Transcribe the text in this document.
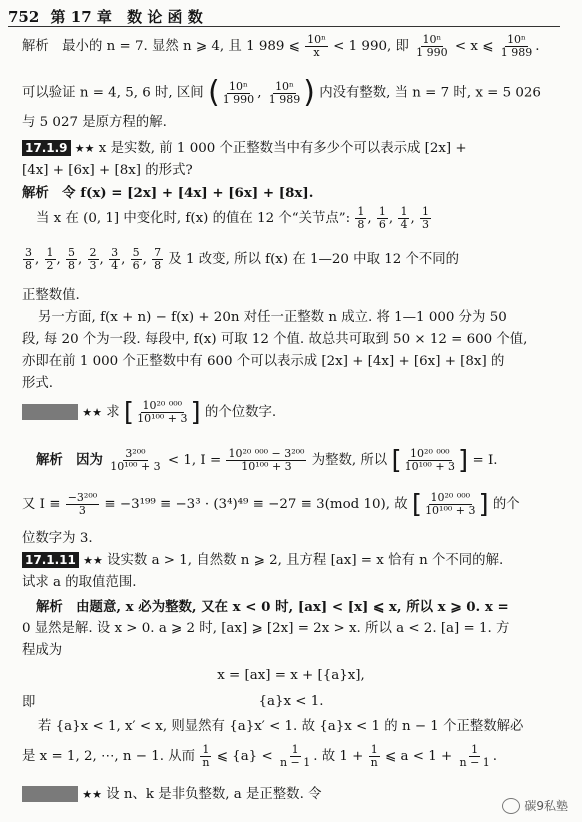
752 第 17 章 数 论 函 数
解析　最小的 n = 7. 显然 n ⩾ 4, 且 1 989 ⩽ $\frac{\text{10ⁿ}}{x} < 1$ 990, 即 $\frac{\text{10ⁿ}}{1 990} < x$ ⩽ $\frac{\text{10ⁿ}}{1 989}$ .
可以验证 n = 4, 5, 6 时, 区间 ( $\frac{\text{10ⁿ}}{1 990}$ , $\frac{\text{10ⁿ}}{1 989}$ ) 内没有整数, 当 n = 7 时, x = 5 026
与 5 027 是原方程的解.
17.1.9 ★★ x 是实数, 前 1 000 个正整数当中有多少个可以表示成 [2x] +
[4x] + [6x] + [8x] 的形式?
解析　令 f(x) = [2x] + [4x] + [6x] + [8x].
当 x 在 (0, 1] 中变化时, f(x) 的值在 12 个“关节点”: $\frac{1}{8}$ , $\frac{1}{6}$ , $\frac{1}{4}$ , $\frac{1}{3}$
$\frac{3}{8}$ , $\frac{1}{2}$ , $\frac{5}{8}$ , $\frac{2}{3}$ , $\frac{3}{4}$ , $\frac{5}{6}$ , $\frac{7}{8}$ 及 1 改变, 所以 f(x) 在 1—20 中取 12 个不同的
正整数值.
另一方面, f(x + n) − f(x) + 20n 对任一正整数 n 成立. 将 1—1 000 分为 50
段, 每 20 个为一段. 每段中, f(x) 可取 12 个值. 故总共可取到 50 × 12 = 600 个值,
亦即在前 1 000 个正整数中有 600 个可以表示成 [2x] + [4x] + [6x] + [8x] 的
形式.
.	★★ 求 [ $\frac{\text{10²⁰ ⁰⁰⁰}}{\text{10¹⁰⁰ + 3}}$ ] 的个位数字.
解析　因为 $\frac{\text{3²⁰⁰}}{\text{10¹⁰⁰ + 3}} < 1$, $I = \frac{\text{10²⁰ ⁰⁰⁰ − 3²⁰⁰}}{\text{10¹⁰⁰ + 3}}$ 为整数, 所以 [ $\frac{\text{10²⁰ ⁰⁰⁰}}{\text{10¹⁰⁰ + 3}}$ ] = I.
又 $I \equiv \frac{\text{−3²⁰⁰}}{3} \equiv -3^{199} \equiv -3^3 \cdot (3^4)^{49} \equiv -27 \equiv 3(mod$ 10), 故 [ $\frac{\text{10²⁰ ⁰⁰⁰}}{\text{10¹⁰⁰ + 3}}$ ] 的个
位数字为 3.
17.1.11 ★★ 设实数 a > 1, 自然数 n ⩾ 2, 且方程 [ax] = x 恰有 n 个不同的解.
试求 a 的取值范围.
解析　由题意, x 必为整数, 又在 x < 0 时, [ax] < [x] ⩽ x, 所以 x ⩾ 0. x =
0 显然是解. 设 x > 0. a ⩾ 2 时, [ax] ⩾ [2x] = 2x > x. 所以 a < 2. [a] = 1. 方
程成为
x = [ax] = x + [{a}x],
即	{a}x < 1.
若 {a}x < 1, x′ < x, 则显然有 {a}x′ < 1. 故 {a}x < 1 的 n − 1 个正整数解必
是 x = 1, 2, ⋯, n − 1. 从而 $\frac{1}{n}$ ⩽ $\{a\} < \frac{1}{n - 1}$ . 故 $1 + \frac{1}{n}$ ⩽ $a < 1 + \frac{1}{n - 1}$ .
.	★★ 设 n、k 是非负整数, a 是正整数. 令
碳9私塾
